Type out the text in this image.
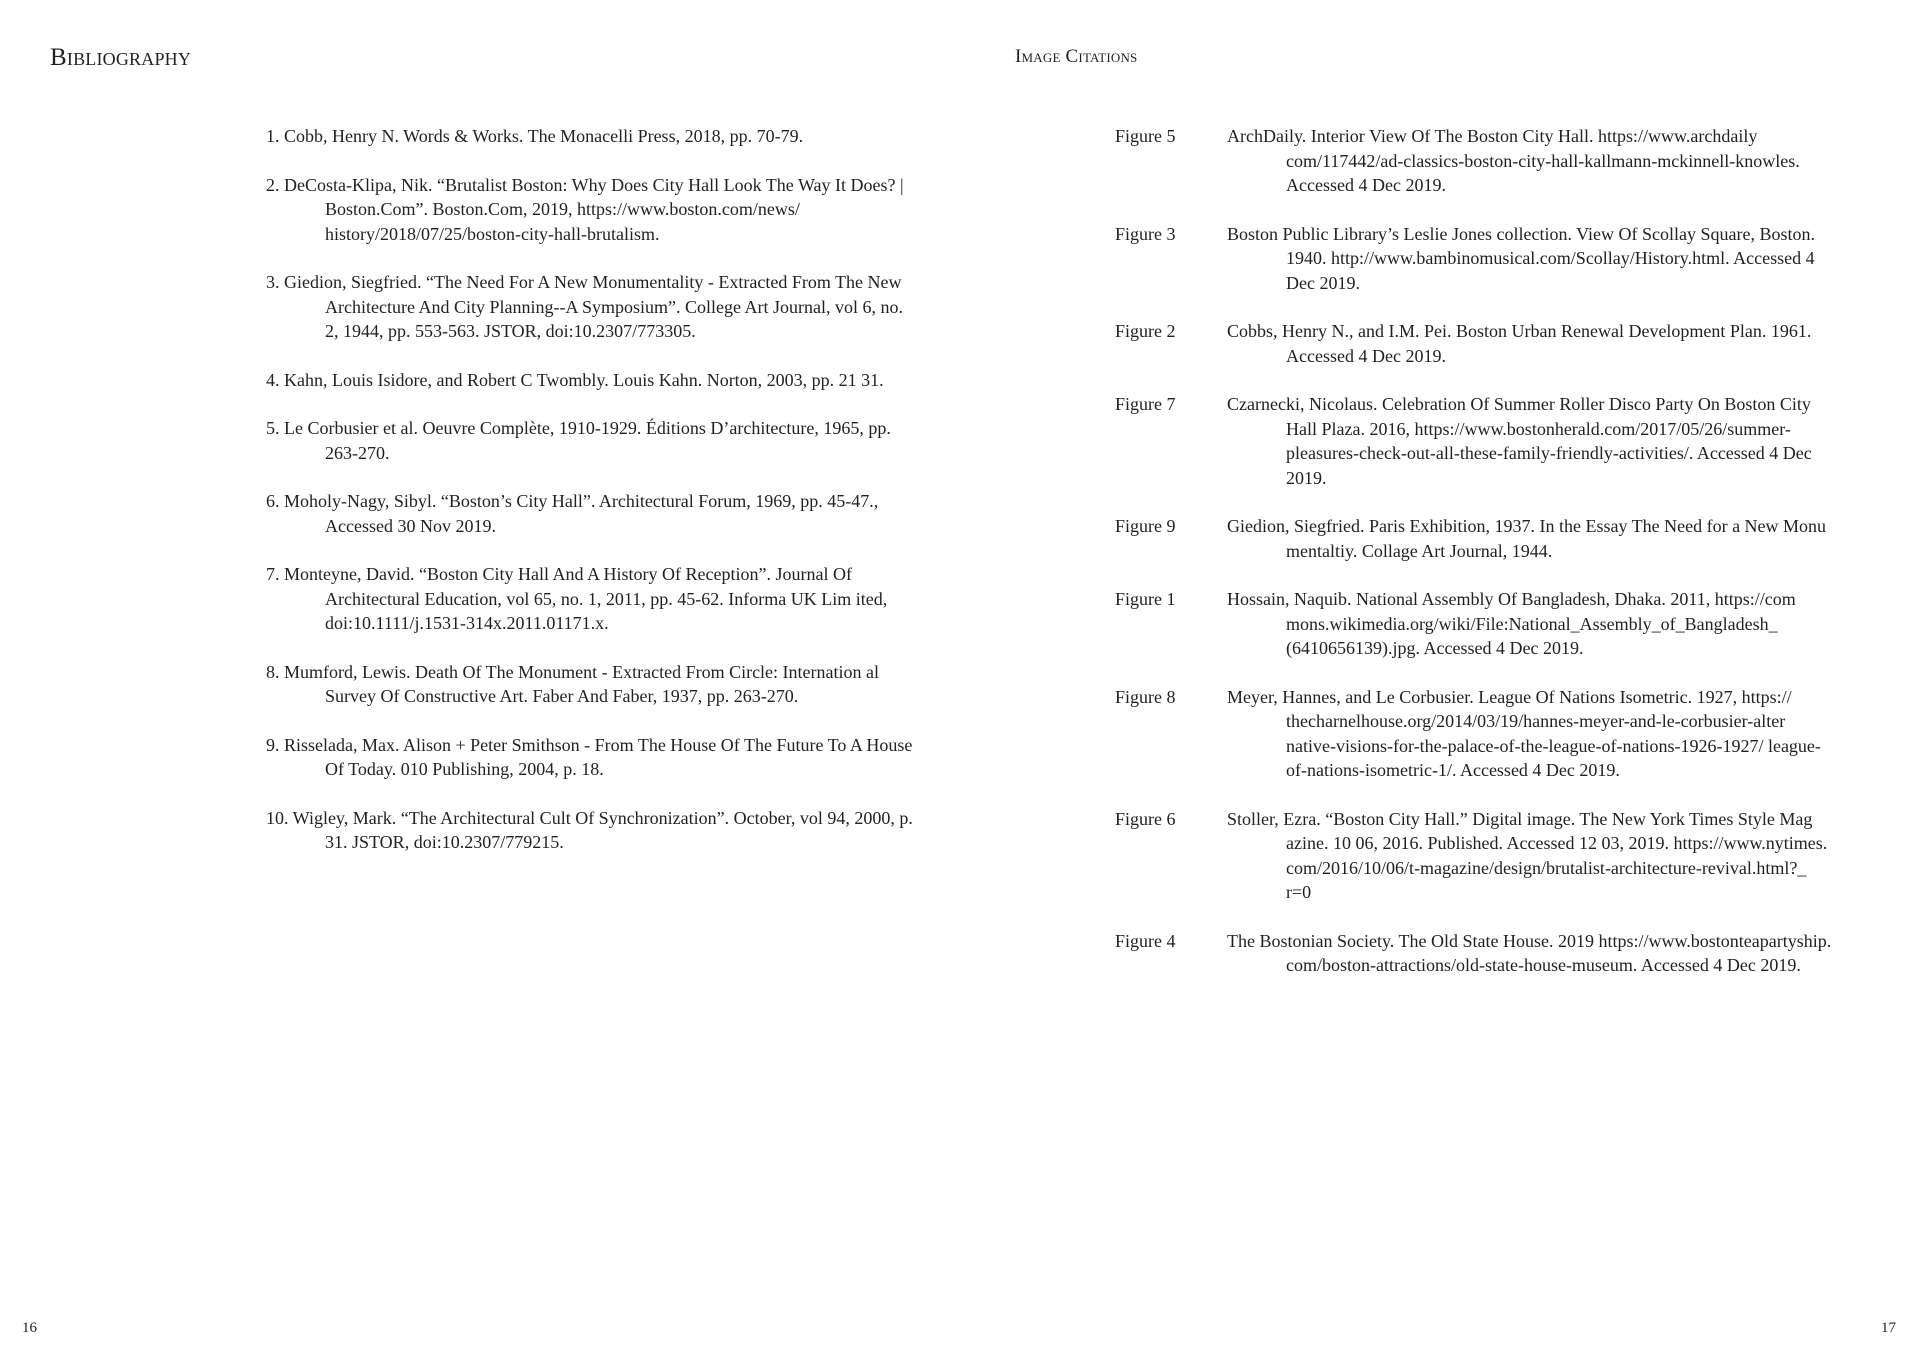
Bibliography
1. Cobb, Henry N. Words & Works. The Monacelli Press, 2018, pp. 70-79.
2. DeCosta-Klipa, Nik. “Brutalist Boston: Why Does City Hall Look The Way It Does? | Boston.Com”. Boston.Com, 2019, https://www.boston.com/news/ history/2018/07/25/boston-city-hall-brutalism.
3. Giedion, Siegfried. “The Need For A New Monumentality - Extracted From The New Architecture And City Planning--A Symposium”. College Art Journal, vol 6, no. 2, 1944, pp. 553-563. JSTOR, doi:10.2307/773305.
4. Kahn, Louis Isidore, and Robert C Twombly. Louis Kahn. Norton, 2003, pp. 21 31.
5. Le Corbusier et al. Oeuvre Complète, 1910-1929. Éditions D’architecture, 1965, pp. 263-270.
6. Moholy-Nagy, Sibyl. “Boston’s City Hall”. Architectural Forum, 1969, pp. 45-47., Accessed 30 Nov 2019.
7. Monteyne, David. “Boston City Hall And A History Of Reception”. Journal Of Architectural Education, vol 65, no. 1, 2011, pp. 45-62. Informa UK Lim ited, doi:10.1111/j.1531-314x.2011.01171.x.
8. Mumford, Lewis. Death Of The Monument - Extracted From Circle: Internation al Survey Of Constructive Art. Faber And Faber, 1937, pp. 263-270.
9. Risselada, Max. Alison + Peter Smithson - From The House Of The Future To A House Of Today. 010 Publishing, 2004, p. 18.
10. Wigley, Mark. “The Architectural Cult Of Synchronization”. October, vol 94, 2000, p. 31. JSTOR, doi:10.2307/779215.
16
Image Citations
Figure 5	ArchDaily. Interior View Of The Boston City Hall. https://www.archdaily com/117442/ad-classics-boston-city-hall-kallmann-mckinnell-knowles. Accessed 4 Dec 2019.
Figure 3	Boston Public Library’s Leslie Jones collection. View Of Scollay Square, Boston. 1940. http://www.bambinomusical.com/Scollay/History.html. Accessed 4 Dec 2019.
Figure 2	Cobbs, Henry N., and I.M. Pei. Boston Urban Renewal Development Plan. 1961. Accessed 4 Dec 2019.
Figure 7	Czarnecki, Nicolaus. Celebration Of Summer Roller Disco Party On Boston City Hall Plaza. 2016, https://www.bostonherald.com/2017/05/26/summer- pleasures-check-out-all-these-family-friendly-activities/. Accessed 4 Dec 2019.
Figure 9	Giedion, Siegfried. Paris Exhibition, 1937. In the Essay The Need for a New Monu mentaltiy. Collage Art Journal, 1944.
Figure 1	Hossain, Naquib. National Assembly Of Bangladesh, Dhaka. 2011, https://com mons.wikimedia.org/wiki/File:National_Assembly_of_Bangladesh_ (6410656139).jpg. Accessed 4 Dec 2019.
Figure 8	Meyer, Hannes, and Le Corbusier. League Of Nations Isometric. 1927, https:// thecharnelhouse.org/2014/03/19/hannes-meyer-and-le-corbusier-alter native-visions-for-the-palace-of-the-league-of-nations-1926-1927/ league-of-nations-isometric-1/. Accessed 4 Dec 2019.
Figure 6	Stoller, Ezra. “Boston City Hall.” Digital image. The New York Times Style Mag azine. 10 06, 2016. Published. Accessed 12 03, 2019. https://www.nytimes. com/2016/10/06/t-magazine/design/brutalist-architecture-revival.html?_ r=0
Figure 4	The Bostonian Society. The Old State House. 2019 https://www.bostonteapartyship. com/boston-attractions/old-state-house-museum. Accessed 4 Dec 2019.
17
